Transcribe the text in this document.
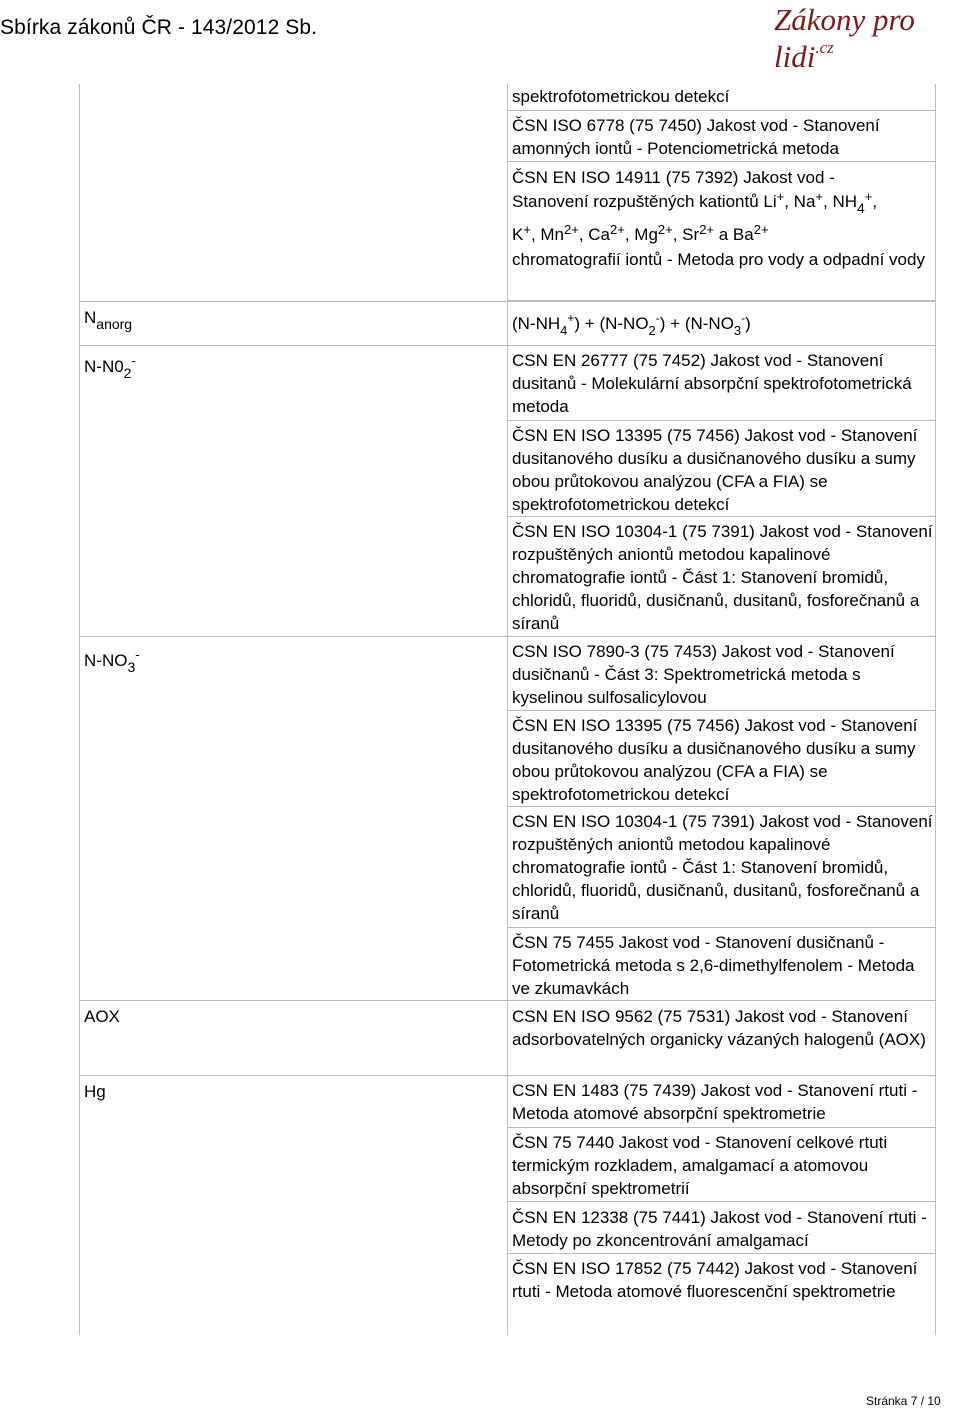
Sbírka zákonů ČR - 143/2012 Sb.	Zákony pro lidi$^{.cz}$
$N_{anorg}$
$N-N0_2^-$
$N-NO_3^-$
AOX
Hg
spektrofotometrickou detekcí
ČSN ISO 6778 (75 7450) Jakost vod - Stanovení amonných iontů - Potenciometrická metoda
ČSN EN ISO 14911 (75 7392) Jakost vod -
Stanovení rozpuštěných kationtů Li+, Na+, $NH_4^+$,
K+, $Mn^{2+}$, $Ca^{2+}$, $Mg^{2+}$, $Sr^{2+}$ a $Ba^{2+}$
chromatografií iontů - Metoda pro vody a odpadní vody
$(N-NH_4^+) + (N-NO_2^-) + (N-NO_3^-)$
CSN EN 26777 (75 7452) Jakost vod - Stanovení dusitanů - Molekulární absorpční spektrofotometrická metoda
ČSN EN ISO 13395 (75 7456) Jakost vod - Stanovení dusitanového dusíku a dusičnanového dusíku a sumy obou průtokovou analýzou (CFA a FIA) se spektrofotometrickou detekcí
ČSN EN ISO 10304-1 (75 7391) Jakost vod - Stanovení rozpuštěných aniontů metodou kapalinové chromatografie iontů - Část 1: Stanovení bromidů, chloridů, fluoridů, dusičnanů, dusitanů, fosforečnanů a síranů
CSN ISO 7890-3 (75 7453) Jakost vod - Stanovení dusičnanů - Část 3: Spektrometrická metoda s kyselinou sulfosalicylovou
ČSN EN ISO 13395 (75 7456) Jakost vod - Stanovení dusitanového dusíku a dusičnanového dusíku a sumy obou průtokovou analýzou (CFA a FIA) se spektrofotometrickou detekcí
CSN EN ISO 10304-1 (75 7391) Jakost vod - Stanovení rozpuštěných aniontů metodou kapalinové chromatografie iontů - Část 1: Stanovení bromidů, chloridů, fluoridů, dusičnanů, dusitanů, fosforečnanů a síranů
ČSN 75 7455 Jakost vod - Stanovení dusičnanů - Fotometrická metoda s 2,6-dimethylfenolem - Metoda ve zkumavkách
CSN EN ISO 9562 (75 7531) Jakost vod - Stanovení adsorbovatelných organicky vázaných halogenů (AOX)
CSN EN 1483 (75 7439) Jakost vod - Stanovení rtuti - Metoda atomové absorpční spektrometrie
ČSN 75 7440 Jakost vod - Stanovení celkové rtuti termickým rozkladem, amalgamací a atomovou absorpční spektrometrií
ČSN EN 12338 (75 7441) Jakost vod - Stanovení rtuti - Metody po zkoncentrování amalgamací
ČSN EN ISO 17852 (75 7442) Jakost vod - Stanovení rtuti - Metoda atomové fluorescenční spektrometrie
Stránka 7 / 10
